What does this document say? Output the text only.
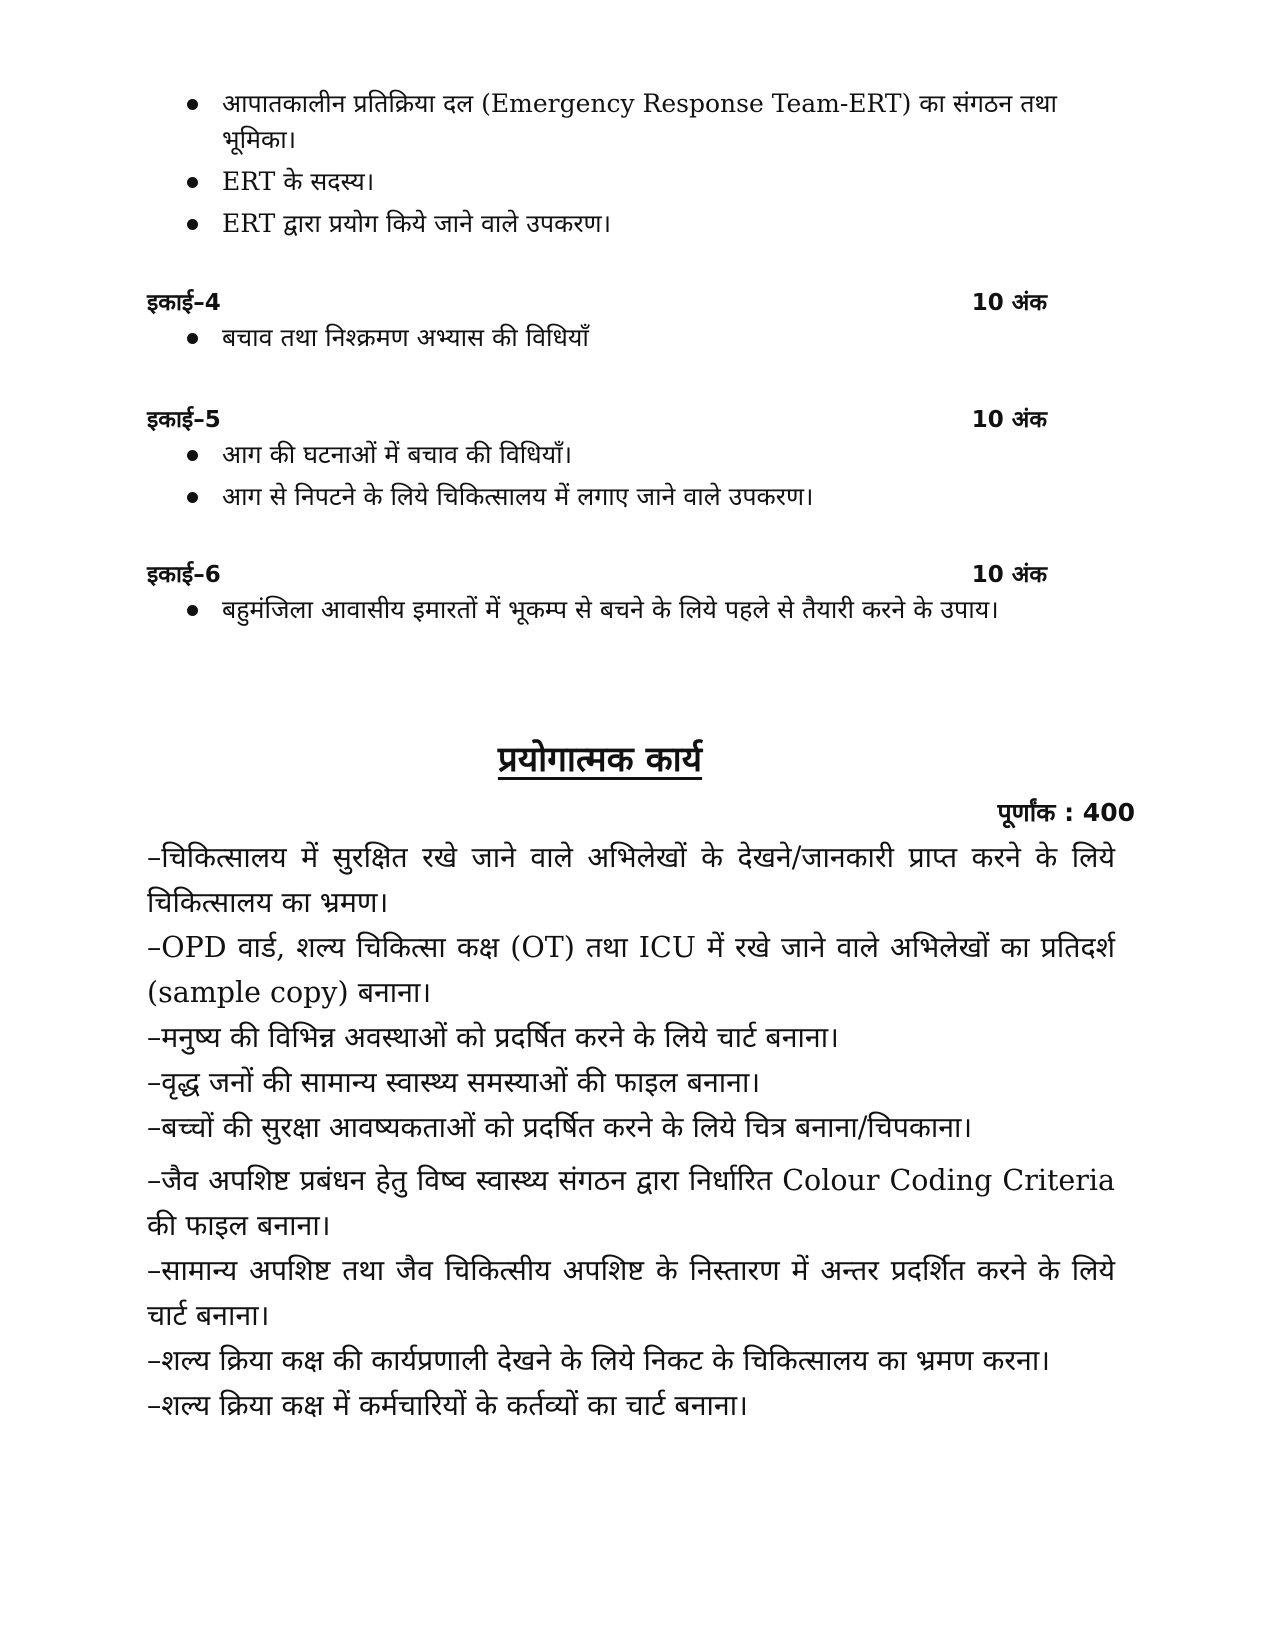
आपातकालीन प्रतिक्रिया दल (Emergency Response Team-ERT) का संगठन तथा भूमिका।
ERT के सदस्य।
ERT द्वारा प्रयोग किये जाने वाले उपकरण।
इकाई–4	10 अंक
बचाव तथा निश्क्रमण अभ्यास की विधियाँ
इकाई–5	10 अंक
आग की घटनाओं में बचाव की विधियाँ।
आग से निपटने के लिये चिकित्सालय में लगाए जाने वाले उपकरण।
इकाई–6	10 अंक
बहुमंजिला आवासीय इमारतों में भूकम्प से बचने के लिये पहले से तैयारी करने के उपाय।
प्रयोगात्मक कार्य
पूर्णांक : 400
–चिकित्सालय में सुरक्षित रखे जाने वाले अभिलेखों के देखने/जानकारी प्राप्त करने के लिये चिकित्सालय का भ्रमण।
–OPD वार्ड, शल्य चिकित्सा कक्ष (OT) तथा ICU में रखे जाने वाले अभिलेखों का प्रतिदर्श (sample copy) बनाना।
–मनुष्य की विभिन्न अवस्थाओं को प्रदर्षित करने के लिये चार्ट बनाना।
–वृद्ध जनों की सामान्य स्वास्थ्य समस्याओं की फाइल बनाना।
–बच्चों की सुरक्षा आवष्यकताओं को प्रदर्षित करने के लिये चित्र बनाना/चिपकाना।
–जैव अपशिष्ट प्रबंधन हेतु विष्व स्वास्थ्य संगठन द्वारा निर्धारित Colour Coding Criteria की फाइल बनाना।
–सामान्य अपशिष्ट तथा जैव चिकित्सीय अपशिष्ट के निस्तारण में अन्तर प्रदर्शित करने के लिये चार्ट बनाना।
–शल्य क्रिया कक्ष की कार्यप्रणाली देखने के लिये निकट के चिकित्सालय का भ्रमण करना।
–शल्य क्रिया कक्ष में कर्मचारियों के कर्तव्यों का चार्ट बनाना।
